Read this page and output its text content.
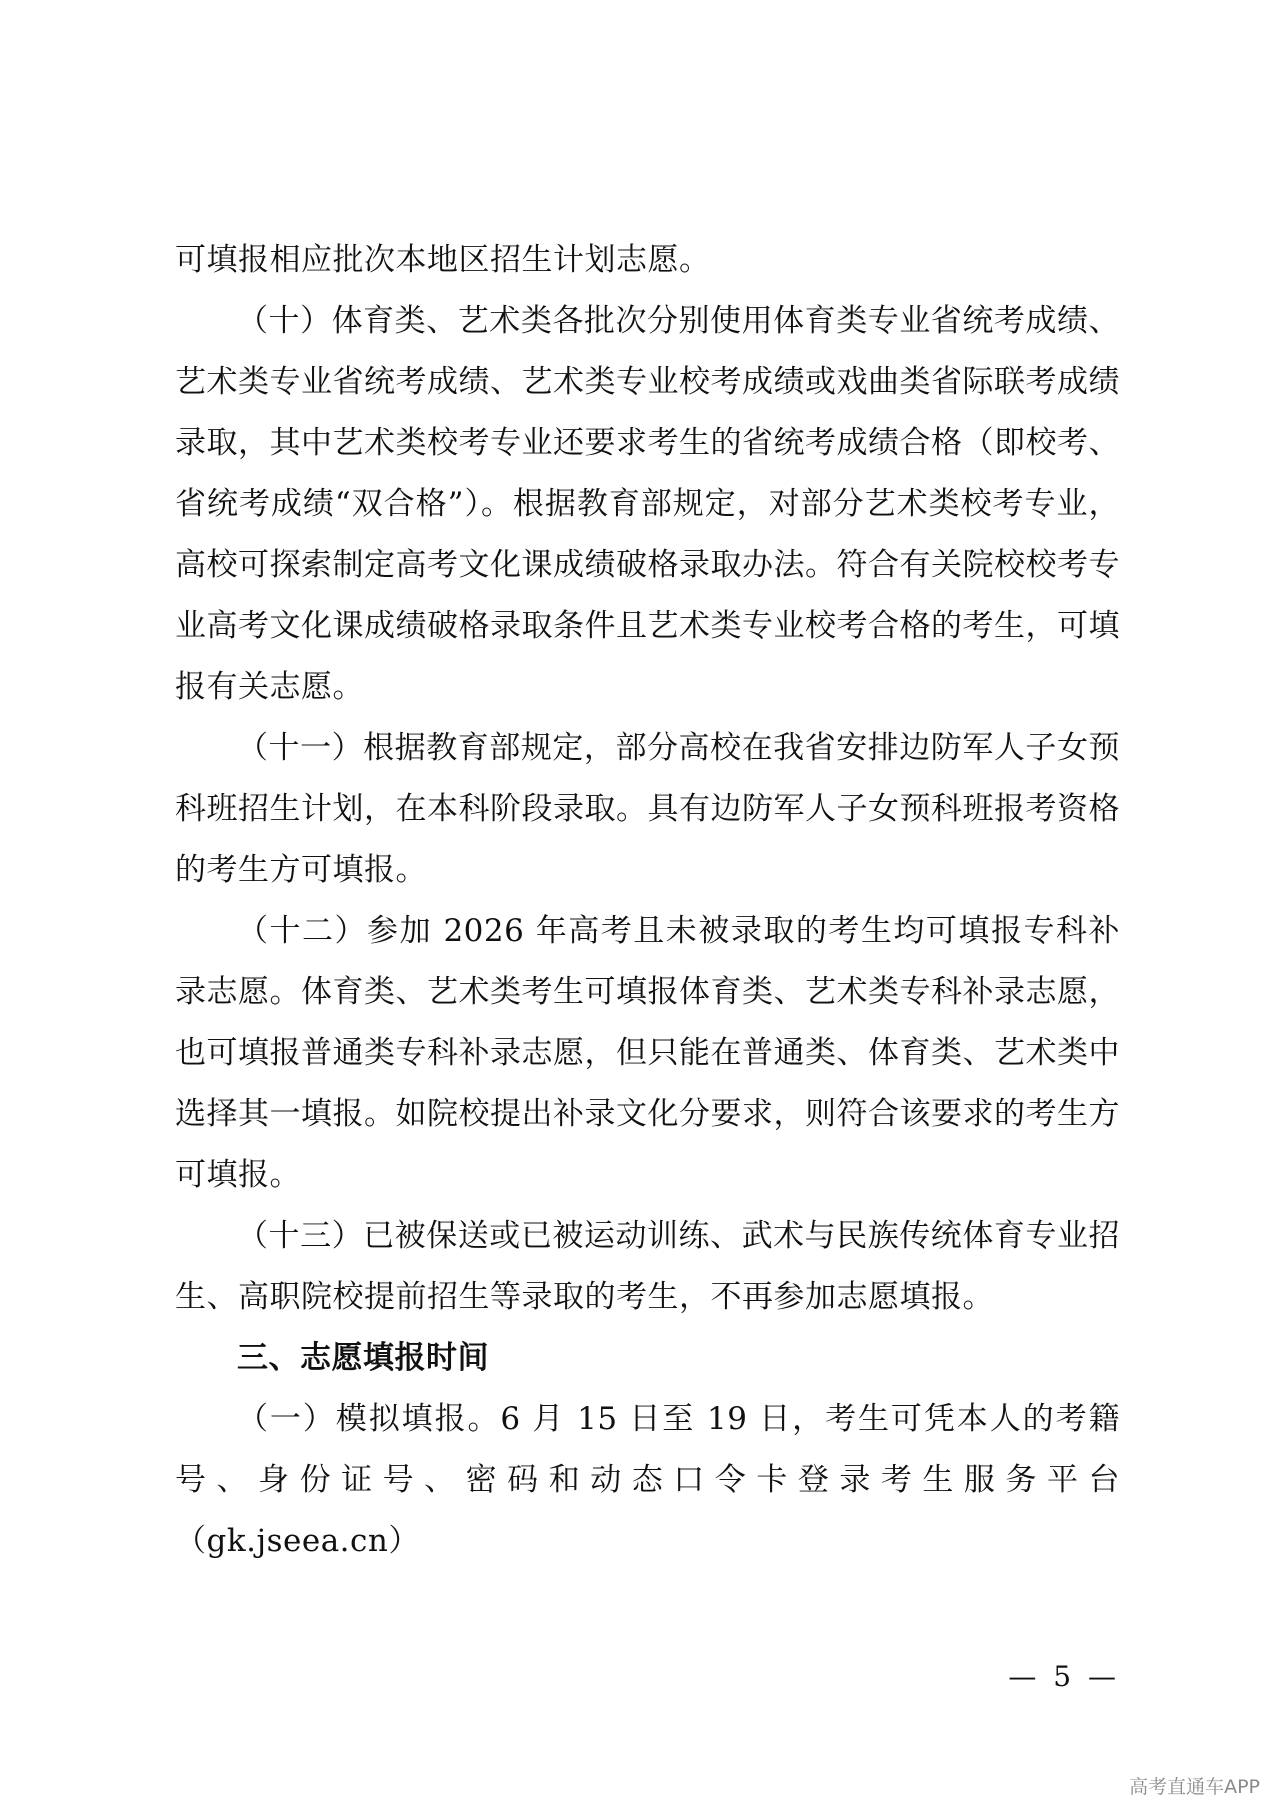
可填报相应批次本地区招生计划志愿。

（十）体育类、艺术类各批次分别使用体育类专业省统考成绩、艺术类专业省统考成绩、艺术类专业校考成绩或戏曲类省际联考成绩录取，其中艺术类校考专业还要求考生的省统考成绩合格（即校考、省统考成绩“双合格”）。根据教育部规定，对部分艺术类校考专业，高校可探索制定高考文化课成绩破格录取办法。符合有关院校校考专业高考文化课成绩破格录取条件且艺术类专业校考合格的考生，可填报有关志愿。

（十一）根据教育部规定，部分高校在我省安排边防军人子女预科班招生计划，在本科阶段录取。具有边防军人子女预科班报考资格的考生方可填报。

（十二）参加 2026 年高考且未被录取的考生均可填报专科补录志愿。体育类、艺术类考生可填报体育类、艺术类专科补录志愿，也可填报普通类专科补录志愿，但只能在普通类、体育类、艺术类中选择其一填报。如院校提出补录文化分要求，则符合该要求的考生方可填报。

（十三）已被保送或已被运动训练、武术与民族传统体育专业招生、高职院校提前招生等录取的考生，不再参加志愿填报。

三、志愿填报时间

（一）模拟填报。6 月 15 日至 19 日，考生可凭本人的考籍号、身份证号、密码和动态口令卡登录考生服务平台（gk.jseea.cn）

— 5 —
高考直通车APP
